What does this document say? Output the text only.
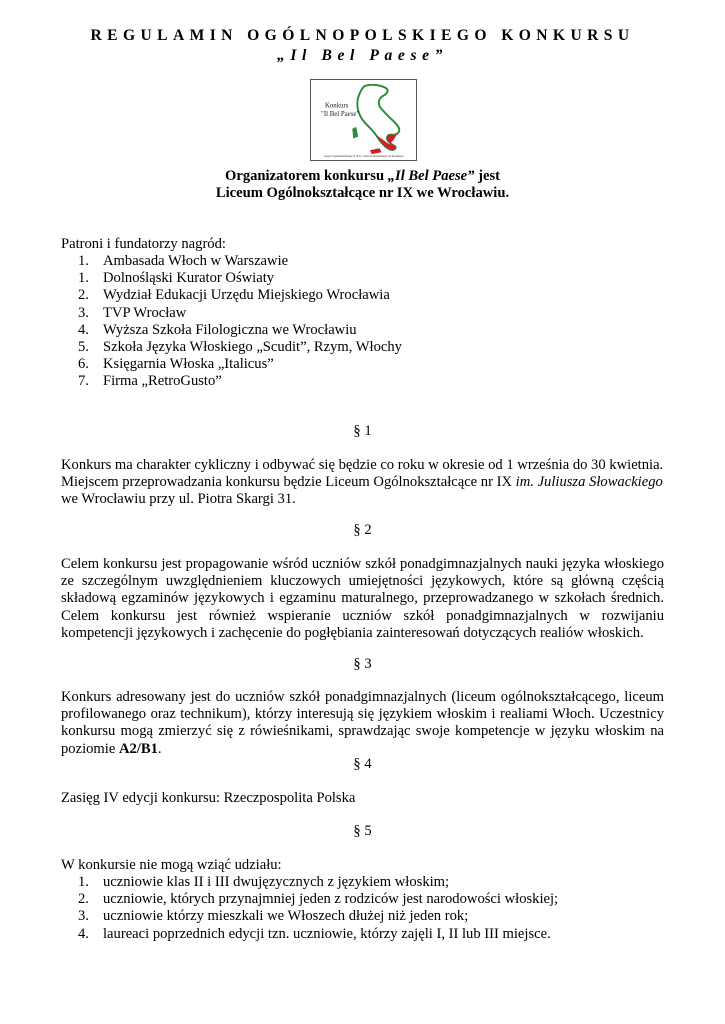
REGULAMIN OGÓLNOPOLSKIEGO KONKURSU
„Il Bel Paese”
Konkurs
"Il Bel Paese"
Liceum Ogólnokształcące nr IX im. Juliusza Słowackiego we Wrocławiu
Organizatorem konkursu „Il Bel Paese” jest
Liceum Ogólnokształcące nr IX we Wrocławiu.
Patroni i fundatorzy nagród:
1. Ambasada Włoch w Warszawie
1. Dolnośląski Kurator Oświaty
2. Wydział Edukacji Urzędu Miejskiego Wrocławia
3. TVP Wrocław
4. Wyższa Szkoła Filologiczna we Wrocławiu
5. Szkoła Języka Włoskiego „Scudit”, Rzym, Włochy
6. Księgarnia Włoska „Italicus”
7. Firma „RetroGusto”
§ 1
Konkurs ma charakter cykliczny i odbywać się będzie co roku w okresie od 1 września do 30 kwietnia.
Miejscem przeprowadzania konkursu będzie Liceum Ogólnokształcące nr IX im. Juliusza Słowackiego
we Wrocławiu przy ul. Piotra Skargi 31.
§ 2
Celem konkursu jest propagowanie wśród uczniów szkół ponadgimnazjalnych nauki języka włoskiego
ze szczególnym uwzględnieniem kluczowych umiejętności językowych, które są główną częścią
składową egzaminów językowych i egzaminu maturalnego, przeprowadzanego w szkołach średnich.
Celem konkursu jest również wspieranie uczniów szkół ponadgimnazjalnych w rozwijaniu
kompetencji językowych i zachęcenie do pogłębiania zainteresowań dotyczących realiów włoskich.
§ 3
Konkurs adresowany jest do uczniów szkół ponadgimnazjalnych (liceum ogólnokształcącego, liceum
profilowanego oraz technikum), którzy interesują się językiem włoskim i realiami Włoch. Uczestnicy
konkursu mogą zmierzyć się z rówieśnikami, sprawdzając swoje kompetencje w języku włoskim na
poziomie A2/B1.
§ 4
Zasięg IV edycji konkursu: Rzeczpospolita Polska
§ 5
W konkursie nie mogą wziąć udziału:
1. uczniowie klas II i III dwujęzycznych z językiem włoskim;
2. uczniowie, których przynajmniej jeden z rodziców jest narodowości włoskiej;
3. uczniowie którzy mieszkali we Włoszech dłużej niż jeden rok;
4. laureaci poprzednich edycji tzn. uczniowie, którzy zajęli I, II lub III miejsce.
